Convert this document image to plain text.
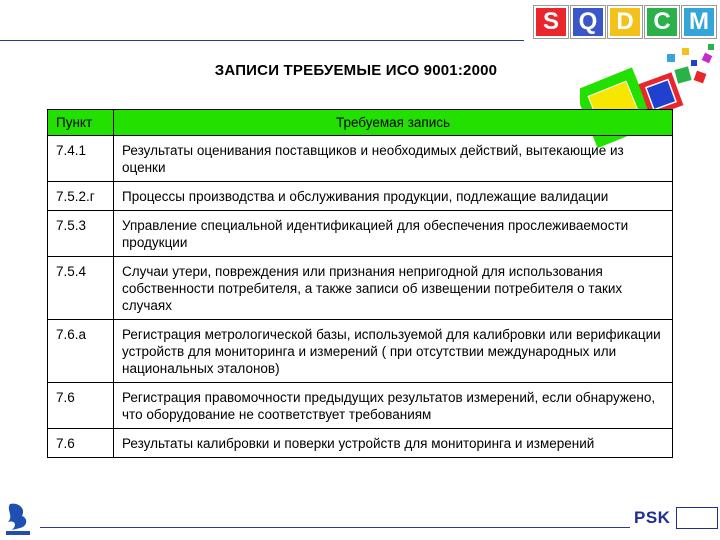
S Q D C M
ЗАПИСИ ТРЕБУЕМЫЕ ИСО 9001:2000
Пункт	Требуемая запись
7.4.1	Результаты оценивания поставщиков и необходимых действий, вытекающие из оценки
7.5.2.г	Процессы производства и обслуживания продукции, подлежащие валидации
7.5.3	Управление специальной идентификацией для обеспечения прослеживаемости продукции
7.5.4	Случаи утери, повреждения или признания непригодной для использования собственности потребителя, а также записи об извещении потребителя о таких случаях
7.6.а	Регистрация метрологической базы, используемой для калибровки или верификации устройств для мониторинга и измерений ( при отсутствии международных или национальных эталонов)
7.6	Регистрация правомочности предыдущих результатов измерений, если обнаружено, что оборудование не соответствует требованиям
7.6	Результаты калибровки и поверки устройств для мониторинга и измерений
PSK
